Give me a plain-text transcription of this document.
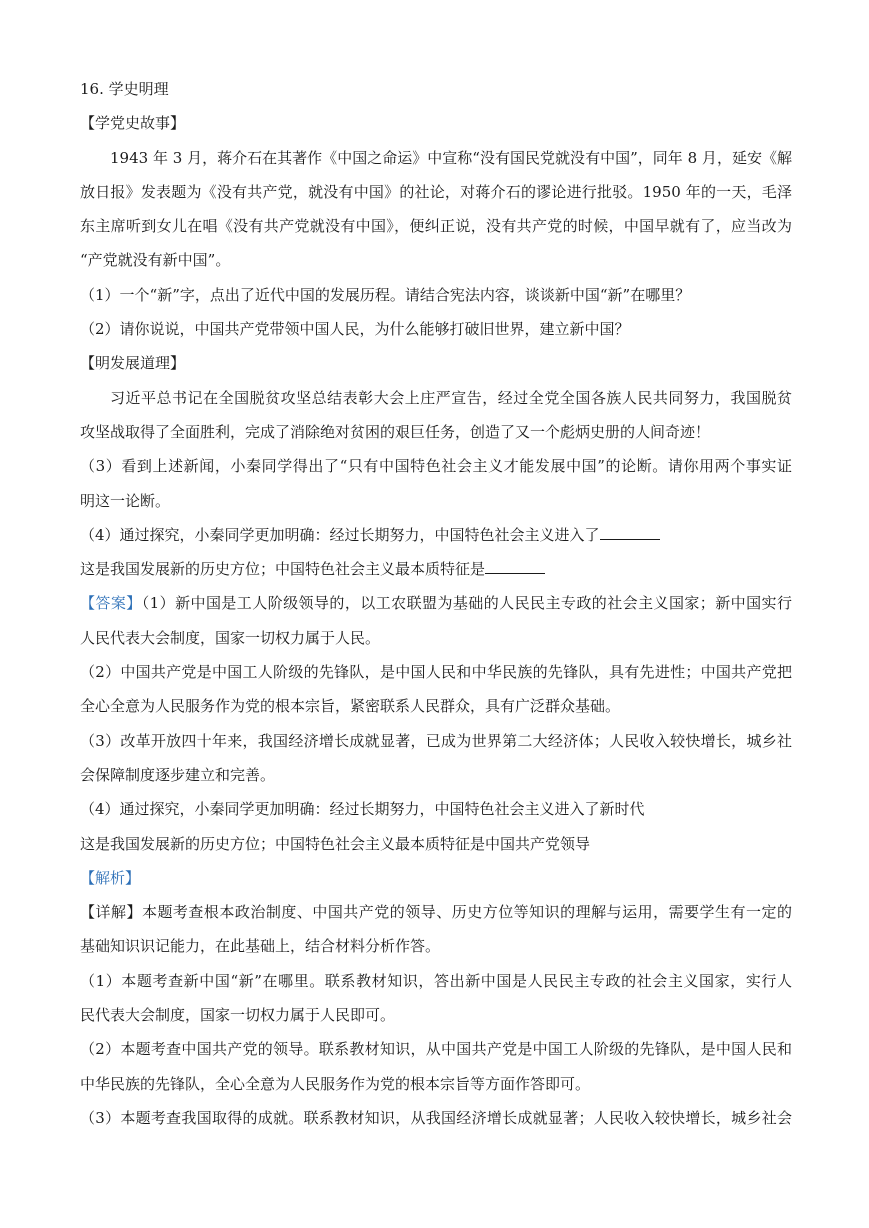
16. 学史明理
【学党史故事】
1943 年 3 月，蒋介石在其著作《中国之命运》中宣称“没有国民党就没有中国”，同年 8 月，延安《解
放日报》发表题为《没有共产党，就没有中国》的社论，对蒋介石的谬论进行批驳。1950 年的一天，毛泽
东主席听到女儿在唱《没有共产党就没有中国》，便纠正说，没有共产党的时候，中国早就有了，应当改为
“产党就没有新中国”。
（1）一个“新”字，点出了近代中国的发展历程。请结合宪法内容，谈谈新中国“新”在哪里？
（2）请你说说，中国共产党带领中国人民，为什么能够打破旧世界，建立新中国？
【明发展道理】
习近平总书记在全国脱贫攻坚总结表彰大会上庄严宣告，经过全党全国各族人民共同努力，我国脱贫
攻坚战取得了全面胜利，完成了消除绝对贫困的艰巨任务，创造了又一个彪炳史册的人间奇迹！
（3）看到上述新闻，小秦同学得出了“只有中国特色社会主义才能发展中国”的论断。请你用两个事实证
明这一论断。
（4）通过探究，小秦同学更加明确：经过长期努力，中国特色社会主义进入了
这是我国发展新的历史方位；中国特色社会主义最本质特征是
【答案】（1）新中国是工人阶级领导的，以工农联盟为基础的人民民主专政的社会主义国家；新中国实行
人民代表大会制度，国家一切权力属于人民。
（2）中国共产党是中国工人阶级的先锋队，是中国人民和中华民族的先锋队，具有先进性；中国共产党把
全心全意为人民服务作为党的根本宗旨，紧密联系人民群众，具有广泛群众基础。
（3）改革开放四十年来，我国经济增长成就显著，已成为世界第二大经济体；人民收入较快增长，城乡社
会保障制度逐步建立和完善。
（4）通过探究，小秦同学更加明确：经过长期努力，中国特色社会主义进入了新时代
这是我国发展新的历史方位；中国特色社会主义最本质特征是中国共产党领导
【解析】
【详解】本题考查根本政治制度、中国共产党的领导、历史方位等知识的理解与运用，需要学生有一定的
基础知识识记能力，在此基础上，结合材料分析作答。
（1）本题考查新中国“新”在哪里。联系教材知识，答出新中国是人民民主专政的社会主义国家，实行人
民代表大会制度，国家一切权力属于人民即可。
（2）本题考查中国共产党的领导。联系教材知识，从中国共产党是中国工人阶级的先锋队，是中国人民和
中华民族的先锋队，全心全意为人民服务作为党的根本宗旨等方面作答即可。
（3）本题考查我国取得的成就。联系教材知识，从我国经济增长成就显著；人民收入较快增长，城乡社会
